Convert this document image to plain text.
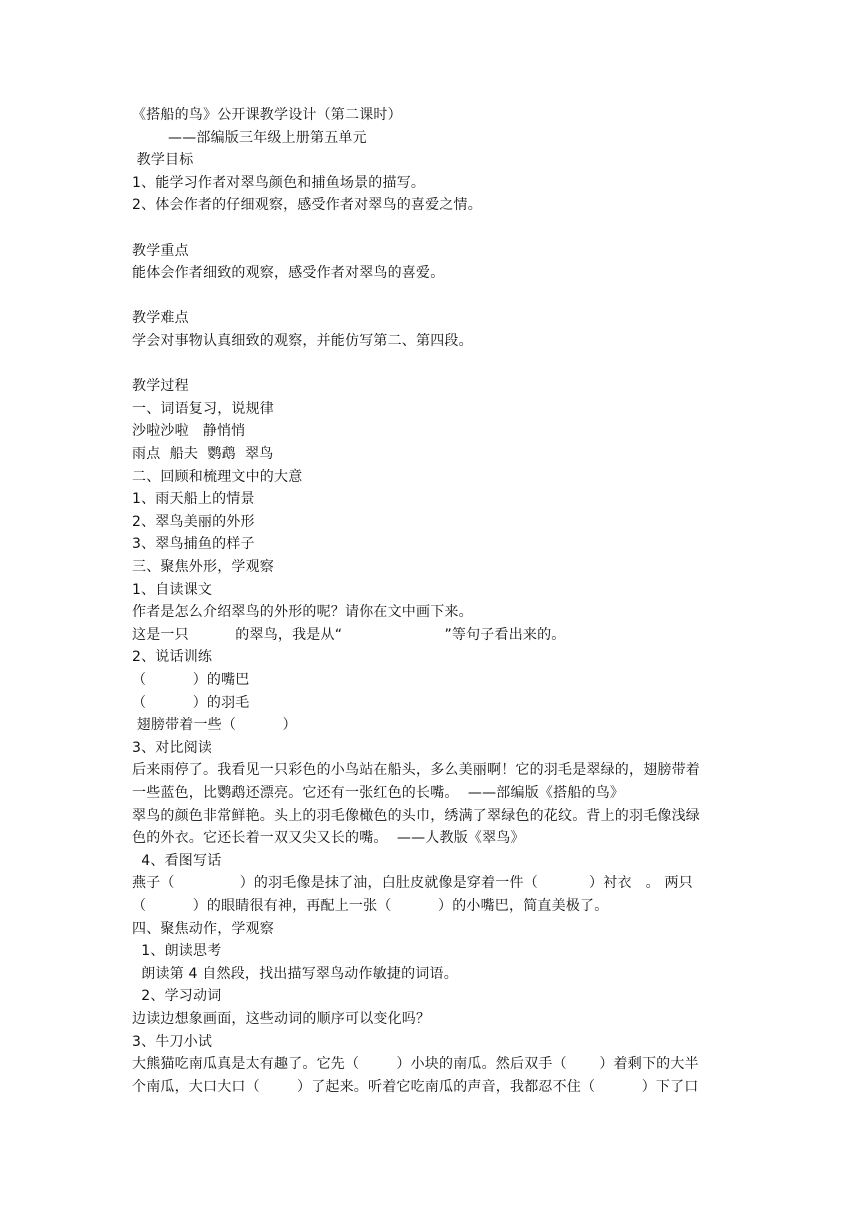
《搭船的鸟》公开课教学设计（第二课时）
——部编版三年级上册第五单元
教学目标
1、能学习作者对翠鸟颜色和捕鱼场景的描写。
2、体会作者的仔细观察，感受作者对翠鸟的喜爱之情。
教学重点
能体会作者细致的观察，感受作者对翠鸟的喜爱。
教学难点
学会对事物认真细致的观察，并能仿写第二、第四段。
教学过程
一、词语复习，说规律
沙啦沙啦   静悄悄
雨点  船夫  鹦鹉  翠鸟
二、回顾和梳理文中的大意
1、雨天船上的情景
2、翠鸟美丽的外形
3、翠鸟捕鱼的样子
三、聚焦外形，学观察
1、自读课文
作者是怎么介绍翠鸟的外形的呢？请你在文中画下来。
这是一只          的翠鸟，我是从“                      ”等句子看出来的。
2、说话训练
（          ）的嘴巴
（          ）的羽毛
翅膀带着一些（          ）
3、对比阅读
后来雨停了。我看见一只彩色的小鸟站在船头，多么美丽啊！它的羽毛是翠绿的，翅膀带着
一些蓝色，比鹦鹉还漂亮。它还有一张红色的长嘴。  ——部编版《搭船的鸟》
翠鸟的颜色非常鲜艳。头上的羽毛像橄色的头巾，绣满了翠绿色的花纹。背上的羽毛像浅绿
色的外衣。它还长着一双又尖又长的嘴。  ——人教版《翠鸟》
4、看图写话
燕子（              ）的羽毛像是抹了油，白肚皮就像是穿着一件（           ）衬衣   。 两只
（          ）的眼睛很有神，再配上一张（          ）的小嘴巴，简直美极了。
四、聚焦动作，学观察
1、朗读思考
朗读第 4 自然段，找出描写翠鸟动作敏捷的词语。
2、学习动词
边读边想象画面，这些动词的顺序可以变化吗？
3、牛刀小试
大熊猫吃南瓜真是太有趣了。它先（        ）小块的南瓜。然后双手（       ）着剩下的大半
个南瓜，大口大口（        ）了起来。听着它吃南瓜的声音，我都忍不住（          ）下了口
